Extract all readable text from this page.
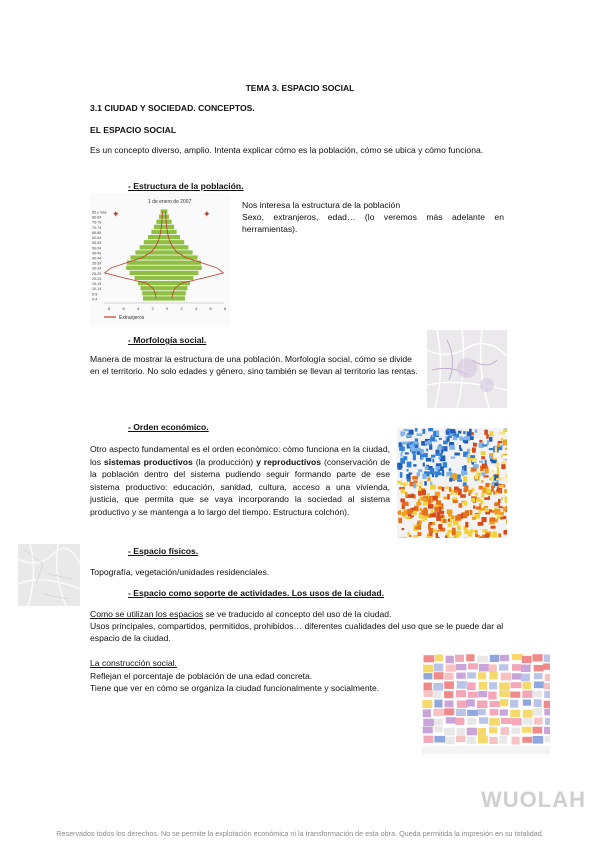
TEMA 3. ESPACIO SOCIAL
3.1 CIUDAD Y SOCIEDAD. CONCEPTOS.
EL ESPACIO SOCIAL
Es un concepto diverso, amplio. Intenta explicar cómo es la población, cómo se ubica y cómo funciona.
- Estructura de la población.
1 de enero de 2007
85 y más
80-84
75-79
70-74
65-69
60-64
55-59
50-54
45-49
40-44
35-39
30-34
25-29
20-24
15-19
10-14
5-9
0-4
8	6	4	2	0	2	4	6	8
✦	✦
Extranjeros
Nos interesa la estructura de la población
Sexo, extranjeros, edad… (lo veremos más adelante en herramientas).
- Morfología social.
Manera de mostrar la estructura de una población. Morfología social, cómo se divide en el territorio. No solo edades y género, sino también se llevan al territorio las rentas.
- Orden económico.
Otro aspecto fundamental es el orden económico: cómo funciona en la ciudad, los sistemas productivos (la producción) y reproductivos (conservación de la población dentro del sistema pudiendo seguir formando parte de ese sistema productivo: educación, sanidad, cultura, acceso a una vivienda, justicia, que permita que se vaya incorporando la sociedad al sistema productivo y se mantenga a lo largo del tiempo. Estructura colchón).
- Espacio físicos.
Topografía, vegetación/unidades residenciales.
- Espacio como soporte de actividades. Los usos de la ciudad.
Como se utilizan los espacios se ve traducido al concepto del uso de la ciudad.
Usos principales, compartidos, permitidos, prohibidos… diferentes cualidades del uso que se le puede dar al espacio de la ciudad.
La construcción social.
Reflejan el porcentaje de población de una edad concreta.
Tiene que ver en cómo se organiza la ciudad funcionalmente y socialmente.
WUOLAH
Reservados todos los derechos. No se permite la explotación económica ni la transformación de esta obra. Queda permitida la impresión en su totalidad.
